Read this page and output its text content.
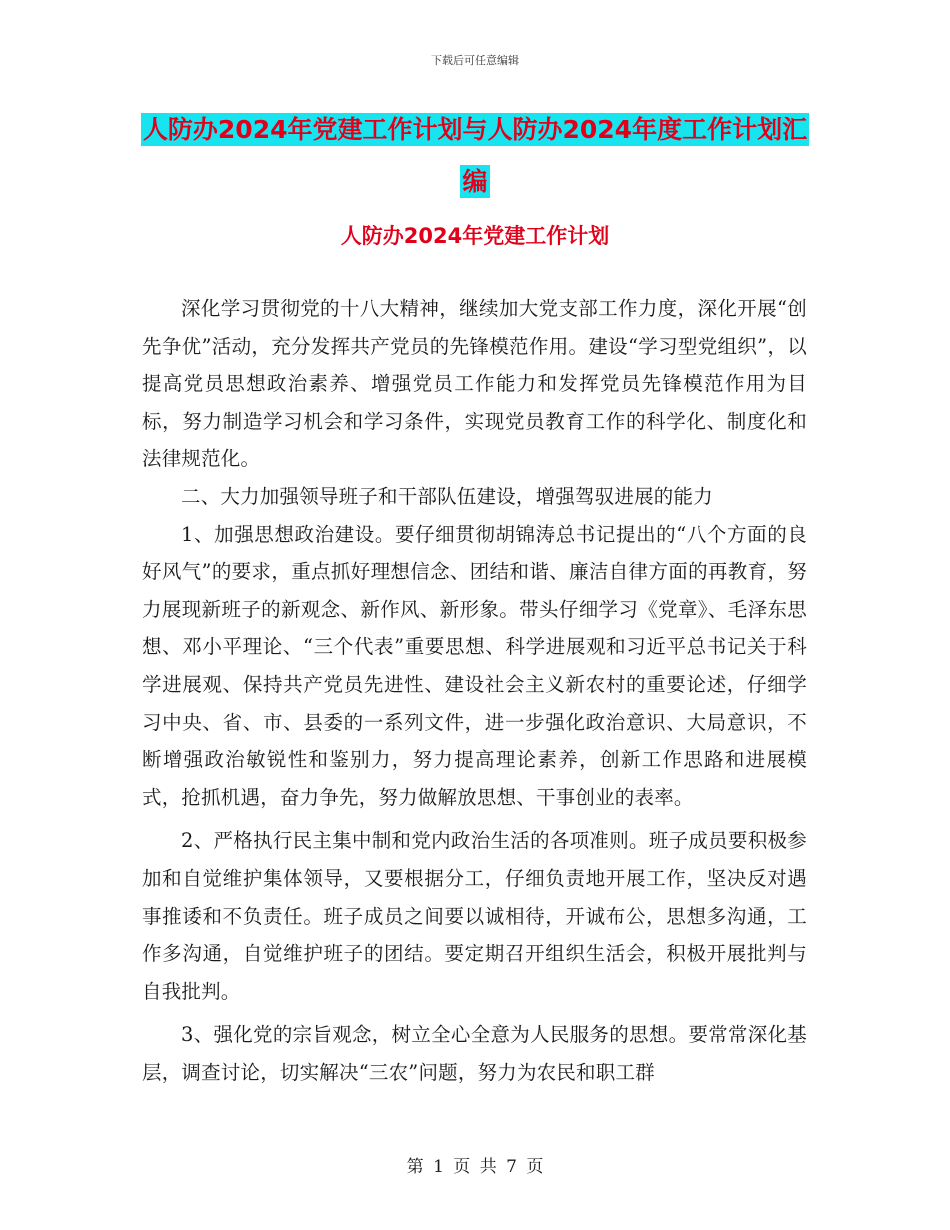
下载后可任意编辑
人防办2024年党建工作计划与人防办2024年度工作计划汇编
人防办2024年党建工作计划

深化学习贯彻党的十八大精神，继续加大党支部工作力度，深化开展“创先争优”活动，充分发挥共产党员的先锋模范作用。建设“学习型党组织”，以提高党员思想政治素养、增强党员工作能力和发挥党员先锋模范作用为目标，努力制造学习机会和学习条件，实现党员教育工作的科学化、制度化和法律规范化。

二、大力加强领导班子和干部队伍建设，增强驾驭进展的能力

1、加强思想政治建设。要仔细贯彻胡锦涛总书记提出的“八个方面的良好风气”的要求，重点抓好理想信念、团结和谐、廉洁自律方面的再教育，努力展现新班子的新观念、新作风、新形象。带头仔细学习《党章》、毛泽东思想、邓小平理论、“三个代表”重要思想、科学进展观和习近平总书记关于科学进展观、保持共产党员先进性、建设社会主义新农村的重要论述，仔细学习中央、省、市、县委的一系列文件，进一步强化政治意识、大局意识，不断增强政治敏锐性和鉴别力，努力提高理论素养，创新工作思路和进展模式，抢抓机遇，奋力争先，努力做解放思想、干事创业的表率。

2、严格执行民主集中制和党内政治生活的各项准则。班子成员要积极参加和自觉维护集体领导，又要根据分工，仔细负责地开展工作，坚决反对遇事推诿和不负责任。班子成员之间要以诚相待，开诚布公，思想多沟通，工作多沟通，自觉维护班子的团结。要定期召开组织生活会，积极开展批判与自我批判。

3、强化党的宗旨观念，树立全心全意为人民服务的思想。要常常深化基层，调查讨论，切实解决“三农”问题，努力为农民和职工群

第 1 页 共 7 页
